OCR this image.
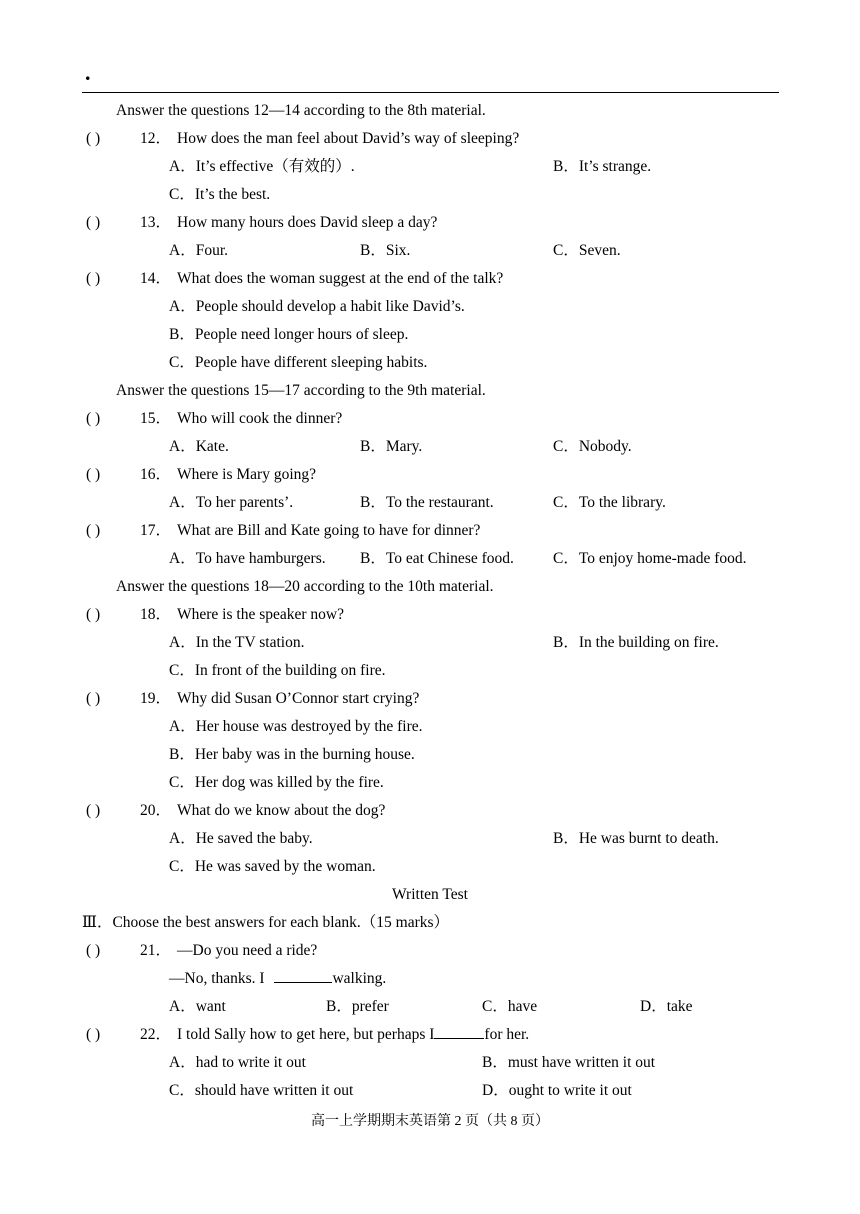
.
Answer the questions 12—14 according to the 8th material.
( )	12． How does the man feel about David’s way of sleeping?
A．It’s effective（有效的）.	B．It’s strange.
C．It’s the best.
( )	13． How many hours does David sleep a day?
A．Four.	B．Six.	C．Seven.
( )	14． What does the woman suggest at the end of the talk?
A．People should develop a habit like David’s.
B．People need longer hours of sleep.
C．People have different sleeping habits.
Answer the questions 15—17 according to the 9th material.
( )	15． Who will cook the dinner?
A．Kate.	B．Mary.	C．Nobody.
( )	16． Where is Mary going?
A．To her parents’.	B．To the restaurant.	C．To the library.
( )	17． What are Bill and Kate going to have for dinner?
A．To have hamburgers. B．To eat Chinese food.	C．To enjoy home-made food.
Answer the questions 18—20 according to the 10th material.
( )	18． Where is the speaker now?
A．In the TV station.	B．In the building on fire.
C．In front of the building on fire.
( )	19． Why did Susan O’Connor start crying?
A．Her house was destroyed by the fire.
B．Her baby was in the burning house.
C．Her dog was killed by the fire.
( )	20． What do we know about the dog?
A．He saved the baby.	B．He was burnt to death.
C．He was saved by the woman.
Written Test
Ⅲ．Choose the best answers for each blank.（15 marks）
( )	21． —Do you need a ride?
—No, thanks. I	walking.
A．want	B．prefer	C．have	D．take
( )	22． I told Sally how to get here, but perhaps I	for her.
A．had to write it out	B．must have written it out
C．should have written it out	D．ought to write it out
高一上学期期末英语第 2 页（共 8 页）
